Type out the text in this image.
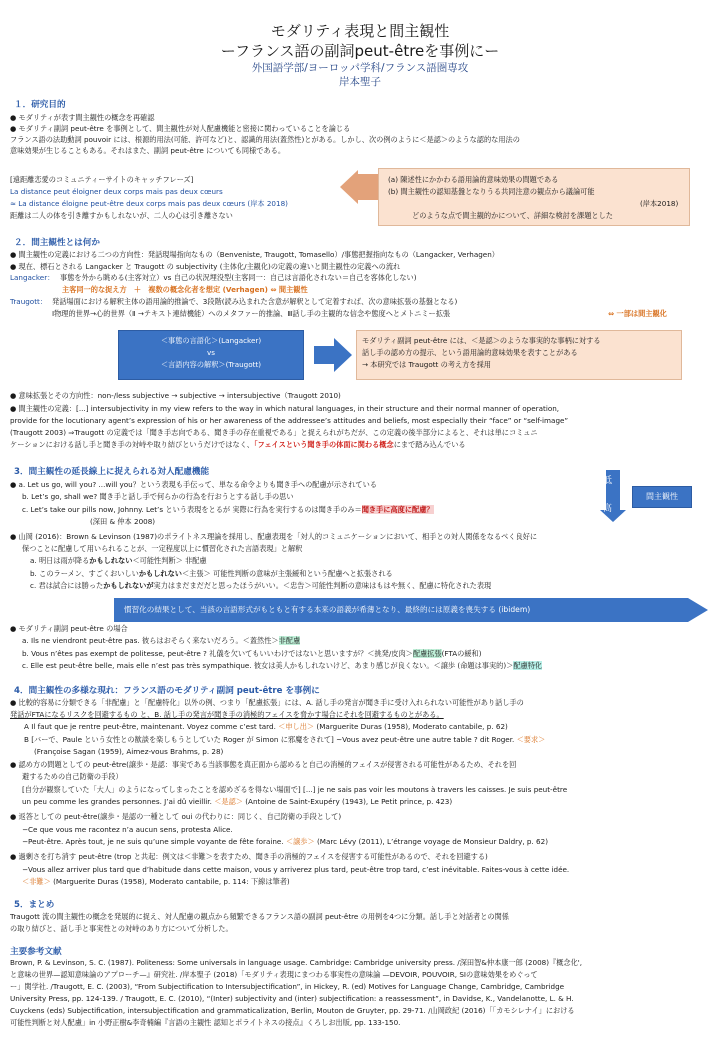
モダリティ表現と間主観性
ーフランス語の副詞peut-êtreを事例にー
外国語学部/ヨーロッパ学科/フランス語圏専攻
岸本聖子
１．研究目的
● モダリティが表す間主観性の概念を再確認
● モダリティ副詞 peut-être を事例として、間主観性が対人配慮機能と密接に関わっていることを論じる
フランス語の法助動詞 pouvoir には、根源的用法(可能、許可など)と、認識的用法(蓋然性)とがある。しかし、次の例のように＜是認＞のような認的な用法の
意味効果が生じることもある。それはまた、副詞 peut-être についても同様である。
[遠距離恋愛のコミュニティーサイトのキャッチフレーズ]
La distance peut éloigner deux corps mais pas deux cœurs
≈ La distance éloigne peut-être deux corps mais pas deux cœurs (岸本 2018)
距離は二人の体を引き離すかもしれないが、二人の心は引き離さない
(a) 陳述性にかかわる語用論的意味効果の問題である
(b) 間主観性の認知基盤となりうる共同注意の観点から議論可能
(岸本2018)
どのような点で間主観的かについて、詳細な検討を課題とした
２．間主観性とは何か
● 間主観性の定義における二つの方向性：発話現場指向なもの（Benveniste, Traugott, Tomasello）/事態把握指向なもの（Langacker, Verhagen）
● 現在、標石とされる Langacker と Traugott の subjectivity (主体化/主観化)の定義の違いと間主観性の定義への流れ
Langacker： 事態を外から眺める(主客対立）vs 自己の状況埋没型(主客同一：自己は言語化されない＝自己を客体化しない)
主客同一的な捉え方　＋　複数の概念化者を想定 (Verhagen) ⇔ 間主観性
Traugott： 発話場面における解釈主体の語用論的推論で、3段階(読み込まれた含意が解釈として定着すれば、次の意味拡張の基盤となる)
Ⅰ物理的世界→心的世界（Ⅱ →テキスト連結機能）へのメタファー的推論、Ⅲ話し手の主観的な信念や態度へとメトニミー拡張	⇔ 一部は間主観化
＜事態の言語化＞(Langacker)
vs
＜言語内容の解釈＞(Traugott)
モダリティ副詞 peut-être には、＜是認＞のような事実的な事柄に対する
話し手の認め方の提示、という語用論的意味効果を表すことがある
→ 本研究では Traugott の考え方を採用
● 意味拡張とその方向性：non-/less subjective → subjective → intersubjective（Traugott 2010)
● 間主観性の定義：[...] intersubjectivity in my view refers to the way in which natural languages, in their structure and their normal manner of operation,
provide for the locutionary agent’s expression of his or her awareness of the addressee’s attitudes and beliefs, most especially their “face” or “self-image”
(Traugott 2003) ⇒Traugott の定義では「聞き手志向である、聞き手の存在重視である」と捉えられがちだが、この定義の後半部分によると、それは単にコミュニ
ケーションにおける話し手と聞き手の対峙や取り結びというだけではなく、「フェイスという聞き手の体面に関わる概念にまで踏み込んでいる
3．間主観性の延長線上に捉えられる対人配慮機能
● a. Let us go, will you? ...will you？という表現も手伝って、単なる命令よりも聞き手への配慮が示されている
b. Let’s go, shall we? 聞き手と話し手で何らかの行為を行おうとする話し手の思い
c. Let’s take our pills now, Johnny. Let’s という表現をとるが 実際に行為を実行するのは聞き手のみ＝聞き手に高度に配慮？
(深田 & 仲本 2008)
低
高
間主観性
● 山岡 (2016)：Brown & Levinson (1987)のポライトネス理論を採用し、配慮表現を「対人的コミュニケーションにおいて、相手との対人関係をなるべく良好に
保つことに配慮して用いられることが、一定程度以上に慣習化された言語表現」と解釈
a. 明日は雨が降るかもしれない＜可能性判断＞ 非配慮
b. このラーメン、すごくおいしいかもしれない＜主張＞ 可能性判断の意味が主張緩和という配慮へと拡張される
c. 君は試合には勝ったかもしれないが実力はまだまだだと思ったほうがいい。＜忠告＞可能性判断の意味はもはや無く、配慮に特化された表現
慣習化の結果として、当該の言語形式がもともと有する本来の語義が希薄となり、最終的には原義を喪失する (ibidem)
● モダリティ副詞 peut-être の場合
a. Ils ne viendront peut-être pas. 彼らはおそらく来ないだろう。＜蓋然性＞非配慮
b. Vous n’êtes pas exempt de politesse, peut-être ? 礼儀を欠いてもいいわけではないと思いますが？＜挑発/皮肉＞配慮拡張(FTAの緩和)
c. Elle est peut-être belle, mais elle n’est pas très sympathique. 彼女は美人かもしれないけど、あまり感じが良くない。＜譲歩 (命題は事実的)＞配慮特化
4．間主観性の多様な現れ：フランス語のモダリティ副詞 peut-être を事例に
● 比較的容易に分類できる「非配慮」と「配慮特化」以外の例、つまり「配慮拡張」には、A. 話し手の発言が聞き手に受け入れられない可能性があり話し手の
発話がFTAになるリスクを回避するもの と、B. 話し手の発言が聞き手の消極的フェイスを脅かす場合にそれを回避するものとがある。
A Il faut que je rentre peut-être, maintenant. Voyez comme c’est tard. ＜申し出＞ (Marguerite Duras (1958), Moderato cantabile, p. 62)
B [バーで、Paule という女性との歓談を楽しもうとしていた Roger が Simon に邪魔をされて] ~Vous avez peut-être une autre table ? dit Roger. ＜要求＞
(Françoise Sagan (1959), Aimez-vous Brahms, p. 28)
● 認め方の問題としての peut-être(譲歩・是認：事実である当該事態を真正面から認めると自己の消極的フェイスが侵害される可能性があるため、それを回
避するための自己防衛の手段）
[自分が観察していた「大人」のようになってしまったことを認めざるを得ない場面で] [...] je ne sais pas voir les moutons à travers les caisses. Je suis peut-être
un peu comme les grandes personnes. J’ai dû vieillir. ＜是認＞ (Antoine de Saint-Exupéry (1943), Le Petit prince, p. 423)
● 返答としての peut-être(譲歩・是認の一種として oui の代わりに：同じく、自己防衛の手段として)
−Ce que vous me racontez n’a aucun sens, protesta Alice.
−Peut-être. Après tout, je ne suis qu’une simple voyante de fête foraine. ＜譲歩＞ (Marc Lévy (2011), L’étrange voyage de Monsieur Daldry, p. 62)
● 過剰さを打ち消す peut-être (trop と共起：例文は＜非難＞を表すため、聞き手の消極的フェイスを侵害する可能性があるので、それを回避する)
−Vous allez arriver plus tard que d’habitude dans cette maison, vous y arriverez plus tard, peut-être trop tard, c’est inévitable. Faites-vous à cette idée.
＜非難＞ (Marguerite Duras (1958), Moderato cantabile, p. 114: 下線は筆者)
5．まとめ
Traugott 流の間主観性の概念を発展的に捉え、対人配慮の観点から頻繁できるフランス語の副詞 peut-être の用例を4つに分類。話し手と対話者との関係
の取り結びと、話し手と事実性との対峙のあり方について分析した。
主要参考文献
Brown, P. & Levinson, S. C. (1987). Politeness: Some universals in language usage. Cambridge: Cambridge university press. /深田智&仲本康一郎 (2008)『概念化',
と意味の世界—認知意味論のアプローチ—』研究社. /岸本聖子 (2018)「モダリティ表現にまつわる事実性の意味論 —DEVOIR, POUVOIR, SIの意味効果をめぐって
ー」関学社. /Traugott, E. C. (2003), “From Subjectification to Intersubjectification”, in Hickey, R. (ed) Motives for Language Change, Cambridge, Cambridge
University Press, pp. 124-139. / Traugott, E. C. (2010), “(Inter) subjectivity and (inter) subjectification: a reassessment”, in Davidse, K., Vandelanotte, L. & H.
Cuyckens (eds) Subjectification, intersubjectification and grammaticalization, Berlin, Mouton de Gruyter, pp. 29-71. /山岡政紀 (2016)「「カモシレナイ」における
可能性判断と対人配慮」in 小野正樹&李奇楠編『言語の主観性 認知とポライトネスの接点』くろしお出版, pp. 133-150.
